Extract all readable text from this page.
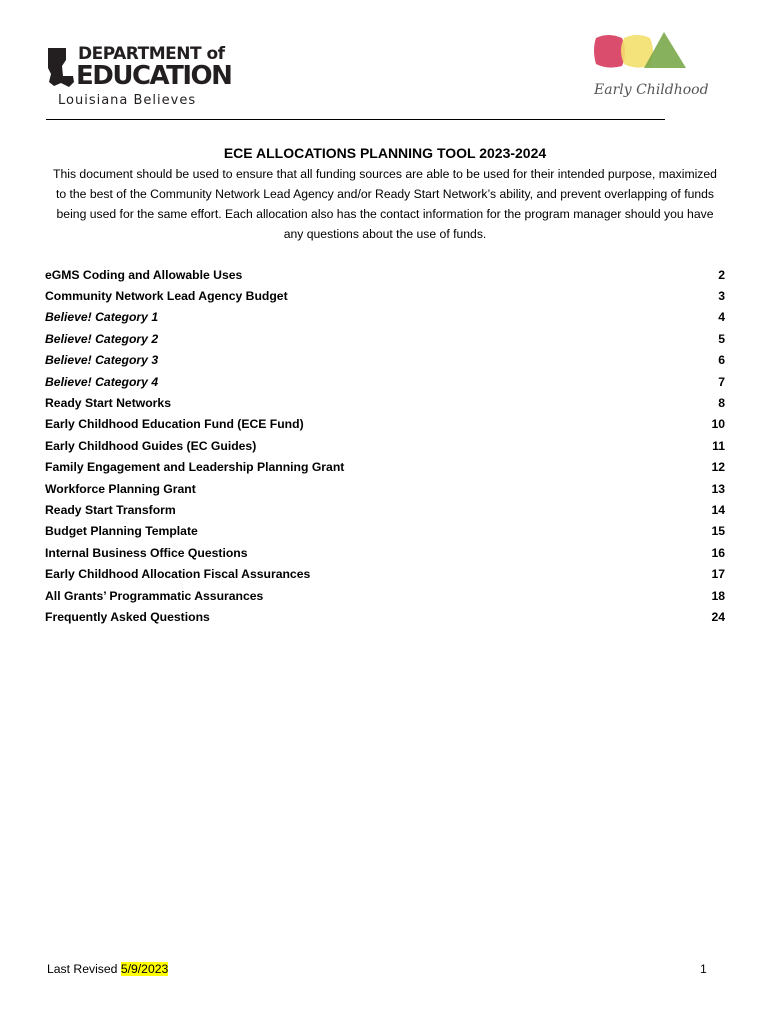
DEPARTMENT of
EDUCATION
Louisiana Believes
Early Childhood
ECE ALLOCATIONS PLANNING TOOL 2023-2024
This document should be used to ensure that all funding sources are able to be used for their intended purpose, maximized to the best of the Community Network Lead Agency and/or Ready Start Network’s ability, and prevent overlapping of funds being used for the same effort. Each allocation also has the contact information for the program manager should you have any questions about the use of funds.
eGMS Coding and Allowable Uses	2
Community Network Lead Agency Budget	3
Believe! Category 1	4
Believe! Category 2	5
Believe! Category 3	6
Believe! Category 4	7
Ready Start Networks	8
Early Childhood Education Fund (ECE Fund)	10
Early Childhood Guides (EC Guides)	11
Family Engagement and Leadership Planning Grant	12
Workforce Planning Grant	13
Ready Start Transform	14
Budget Planning Template	15
Internal Business Office Questions	16
Early Childhood Allocation Fiscal Assurances	17
All Grants’ Programmatic Assurances	18
Frequently Asked Questions	24
Last Revised 5/9/2023	1
